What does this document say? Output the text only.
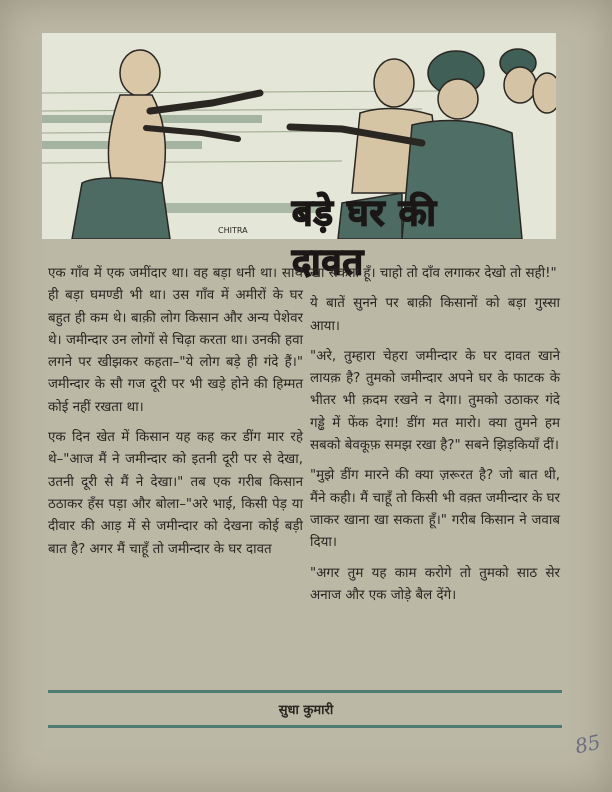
CHITRA बड़े घर की दावत

एक गाँव में एक जमींदार था। वह बड़ा धनी था। साथ ही बड़ा घमण्डी भी था। उस गाँव में अमीरों के घर बहुत ही कम थे। बाक़ी लोग किसान और अन्य पेशेवर थे। जमीन्दार उन लोगों से चिढ़ा करता था। उनकी हवा लगने पर खीझकर कहता–"ये लोग बड़े ही गंदे हैं।" जमीन्दार के सौ गज दूरी पर भी खड़े होने की हिम्मत कोई नहीं रखता था।

एक दिन खेत में किसान यह कह कर डींग मार रहे थे–"आज मैं ने जमीन्दार को इतनी दूरी पर से देखा, उतनी दूरी से मैं ने देखा।" तब एक गरीब किसान ठठाकर हँस पड़ा और बोला–"अरे भाई, किसी पेड़ या दीवार की आड़ में से जमीन्दार को देखना कोई बड़ी बात है? अगर मैं चाहूँ तो जमीन्दार के घर दावत

खा सकता हूँ। चाहो तो दाँव लगाकर देखो तो सही!"

ये बातें सुनने पर बाक़ी किसानों को बड़ा गुस्सा आया।

"अरे, तुम्हारा चेहरा जमीन्दार के घर दावत खाने लायक़ है? तुमको जमीन्दार अपने घर के फाटक के भीतर भी क़दम रखने न देगा। तुमको उठाकर गंदे गड्ढे में फेंक देगा! डींग मत मारो। क्या तुमने हम सबको बेवकूफ़ समझ रखा है?" सबने झिड़कियाँ दीं।

"मुझे डींग मारने की क्या ज़रूरत है? जो बात थी, मैंने कही। मैं चाहूँ तो किसी भी वक़्त जमीन्दार के घर जाकर खाना खा सकता हूँ।" गरीब किसान ने जवाब दिया।

"अगर तुम यह काम करोगे तो तुमको साठ सेर अनाज और एक जोड़े बैल देंगे।

सुधा कुमारी
85
